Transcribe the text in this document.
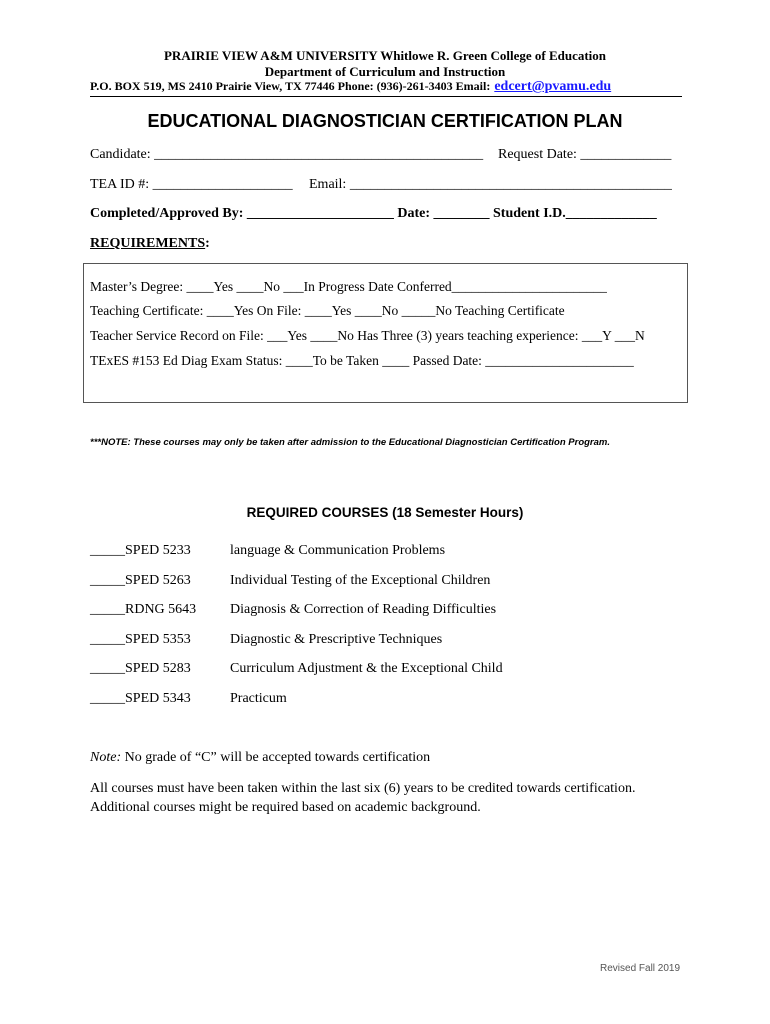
PRAIRIE VIEW A&M UNIVERSITY Whitlowe R. Green College of Education
Department of Curriculum and Instruction
P.O. BOX 519, MS 2410 Prairie View, TX 77446 Phone: (936)-261-3403 Email: edcert@pvamu.edu
EDUCATIONAL DIAGNOSTICIAN CERTIFICATION PLAN
Candidate: _______________________________________________ Request Date: _____________
TEA ID #: ____________________ Email: ______________________________________________
Completed/Approved By: _____________________ Date: ________ Student I.D._____________
REQUIREMENTS:
Master’s Degree: ____Yes ____No ___In Progress Date Conferred_______________________
Teaching Certificate: ____Yes On File: ____Yes ____No _____No Teaching Certificate
Teacher Service Record on File: ___Yes ____No Has Three (3) years teaching experience: ___Y ___N
TExES #153 Ed Diag Exam Status: ____To be Taken ____ Passed Date: ______________________
***NOTE: These courses may only be taken after admission to the Educational Diagnostician Certification Program.
REQUIRED COURSES (18 Semester Hours)
_____SPED 5233	language & Communication Problems
_____SPED 5263	Individual Testing of the Exceptional Children
_____RDNG 5643 Diagnosis & Correction of Reading Difficulties
_____SPED 5353	Diagnostic & Prescriptive Techniques
_____SPED 5283	Curriculum Adjustment & the Exceptional Child
_____SPED 5343	Practicum
Note: No grade of “C” will be accepted towards certification
All courses must have been taken within the last six (6) years to be credited towards certification.
Additional courses might be required based on academic background.
Revised Fall 2019
